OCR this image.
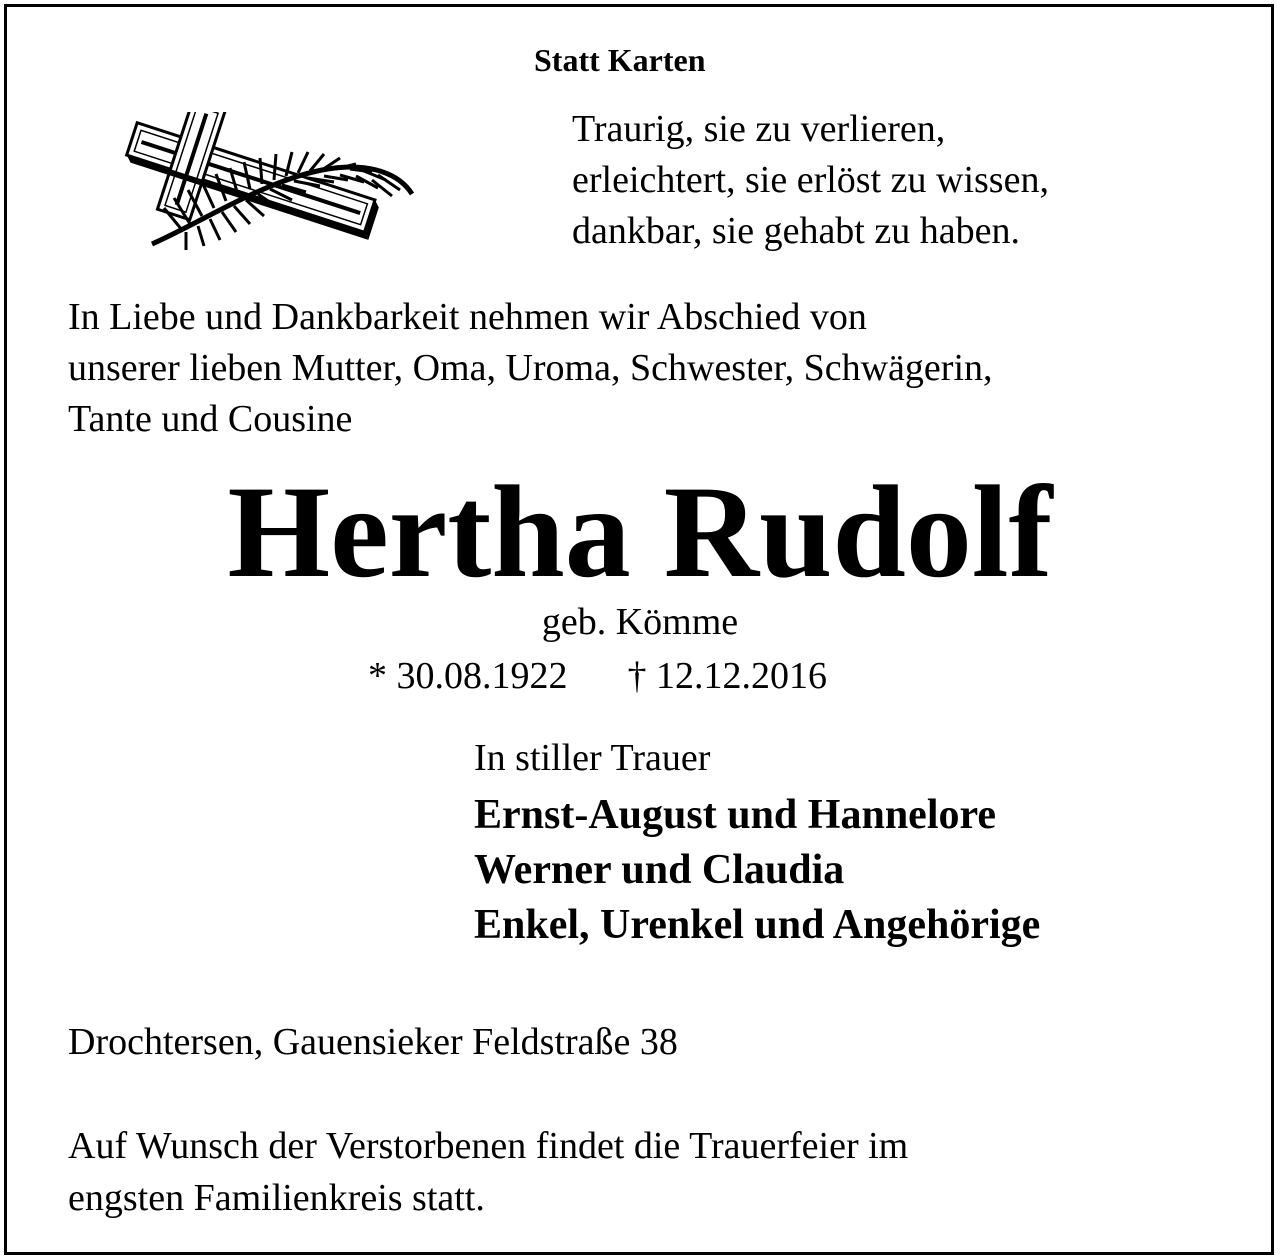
Statt Karten
Traurig, sie zu verlieren,
erleichtert, sie erlöst zu wissen,
dankbar, sie gehabt zu haben.
In Liebe und Dankbarkeit nehmen wir Abschied von
unserer lieben Mutter, Oma, Uroma, Schwester, Schwägerin,
Tante und Cousine
Hertha Rudolf
geb. Kömme
* 30.08.1922 † 12.12.2016
In stiller Trauer
Ernst-August und Hannelore
Werner und Claudia
Enkel, Urenkel und Angehörige
Drochtersen, Gauensieker Feldstraße 38
Auf Wunsch der Verstorbenen findet die Trauerfeier im
engsten Familienkreis statt.
